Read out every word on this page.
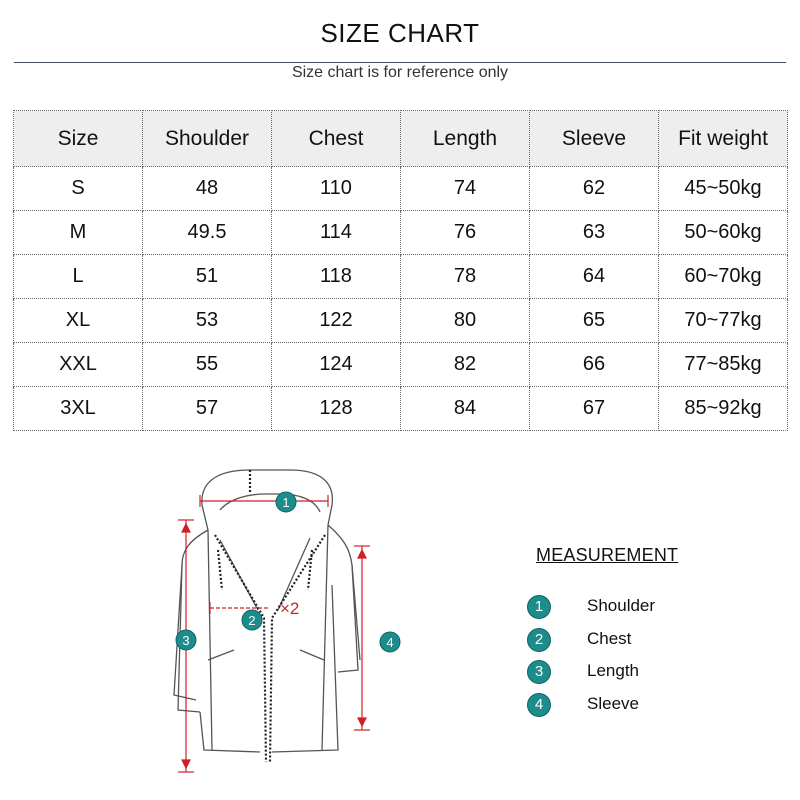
SIZE CHART
Size chart is for reference only
Size	Shoulder	Chest	Length	Sleeve	Fit weight
S	48	110	74	62	45~50kg
M	49.5	114	76	63	50~60kg
L	51	118	78	64	60~70kg
XL	53	122	80	65	70~77kg
XXL	55	124	82	66	77~85kg
3XL	57	128	84	67	85~92kg
×2
1
2
3	4
MEASUREMENT
1	Shoulder
2	Chest
3	Length
4	Sleeve
